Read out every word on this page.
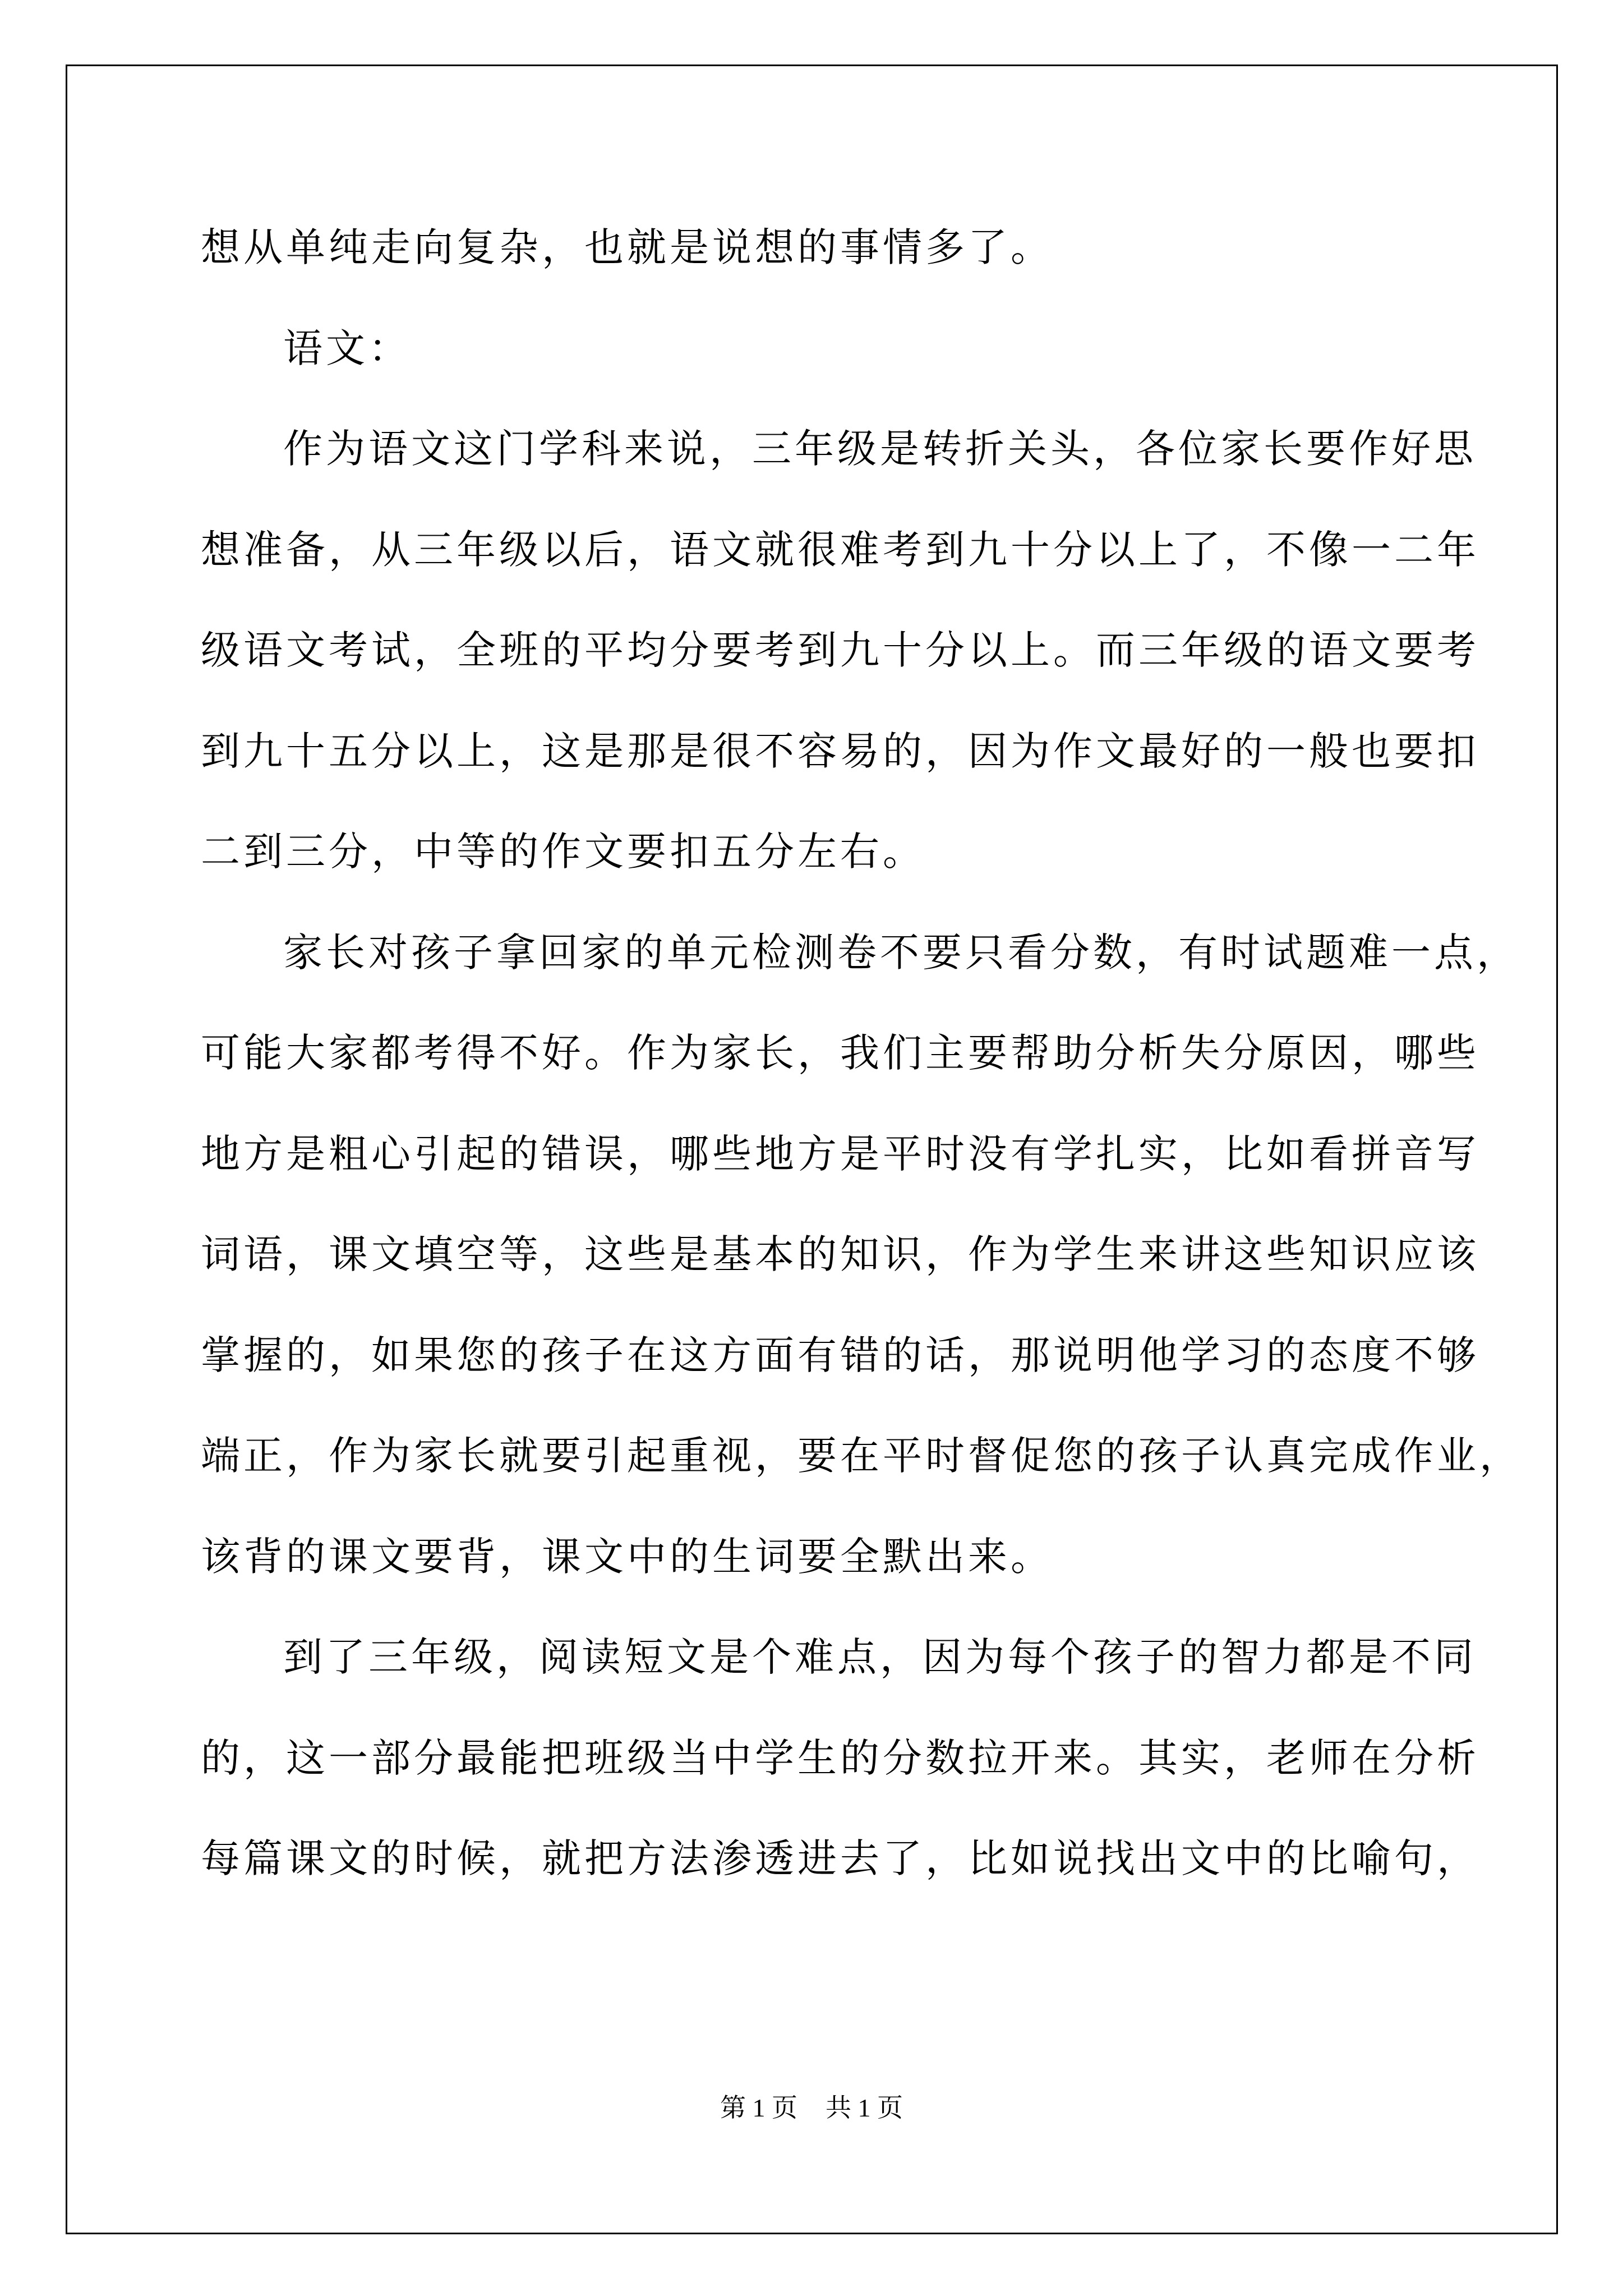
想从单纯走向复杂，也就是说想的事情多了。
语文：
作为语文这门学科来说，三年级是转折关头，各位家长要作好思
想准备，从三年级以后，语文就很难考到九十分以上了，不像一二年
级语文考试，全班的平均分要考到九十分以上。而三年级的语文要考
到九十五分以上，这是那是很不容易的，因为作文最好的一般也要扣
二到三分，中等的作文要扣五分左右。
家长对孩子拿回家的单元检测卷不要只看分数，有时试题难一点，
可能大家都考得不好。作为家长，我们主要帮助分析失分原因，哪些
地方是粗心引起的错误，哪些地方是平时没有学扎实，比如看拼音写
词语，课文填空等，这些是基本的知识，作为学生来讲这些知识应该
掌握的，如果您的孩子在这方面有错的话，那说明他学习的态度不够
端正，作为家长就要引起重视，要在平时督促您的孩子认真完成作业，
该背的课文要背，课文中的生词要全默出来。
到了三年级，阅读短文是个难点，因为每个孩子的智力都是不同
的，这一部分最能把班级当中学生的分数拉开来。其实，老师在分析
每篇课文的时候，就把方法渗透进去了，比如说找出文中的比喻句，
第 1 页 共 1 页
